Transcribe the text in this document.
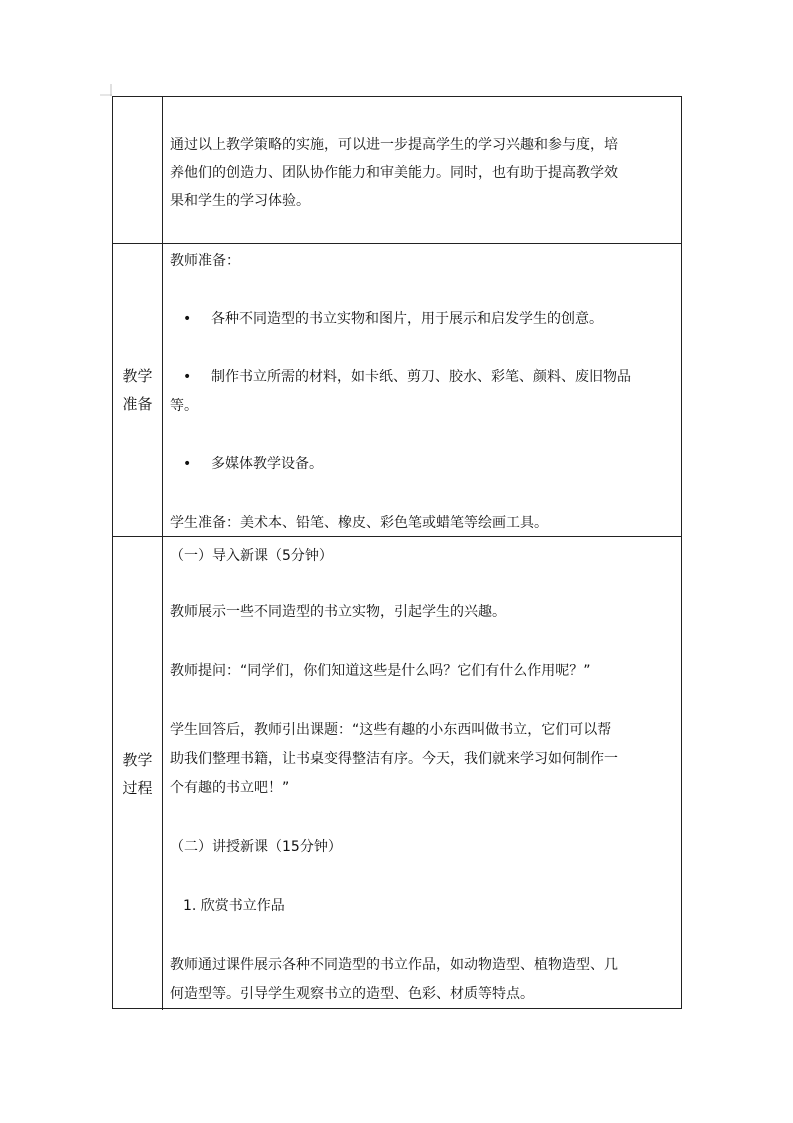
通过以上教学策略的实施，可以进一步提高学生的学习兴趣和参与度，培
养他们的创造力、团队协作能力和审美能力。同时，也有助于提高教学效
果和学生的学习体验。
教学
准备
教师准备：
• 各种不同造型的书立实物和图片，用于展示和启发学生的创意。
• 制作书立所需的材料，如卡纸、剪刀、胶水、彩笔、颜料、废旧物品
等。
• 多媒体教学设备。
学生准备：美术本、铅笔、橡皮、彩色笔或蜡笔等绘画工具。
教学
过程
（一）导入新课（5分钟）
教师展示一些不同造型的书立实物，引起学生的兴趣。
教师提问：“同学们，你们知道这些是什么吗？它们有什么作用呢？”
学生回答后，教师引出课题：“这些有趣的小东西叫做书立，它们可以帮
助我们整理书籍，让书桌变得整洁有序。今天，我们就来学习如何制作一
个有趣的书立吧！”
（二）讲授新课（15分钟）
1. 欣赏书立作品
教师通过课件展示各种不同造型的书立作品，如动物造型、植物造型、几
何造型等。引导学生观察书立的造型、色彩、材质等特点。
